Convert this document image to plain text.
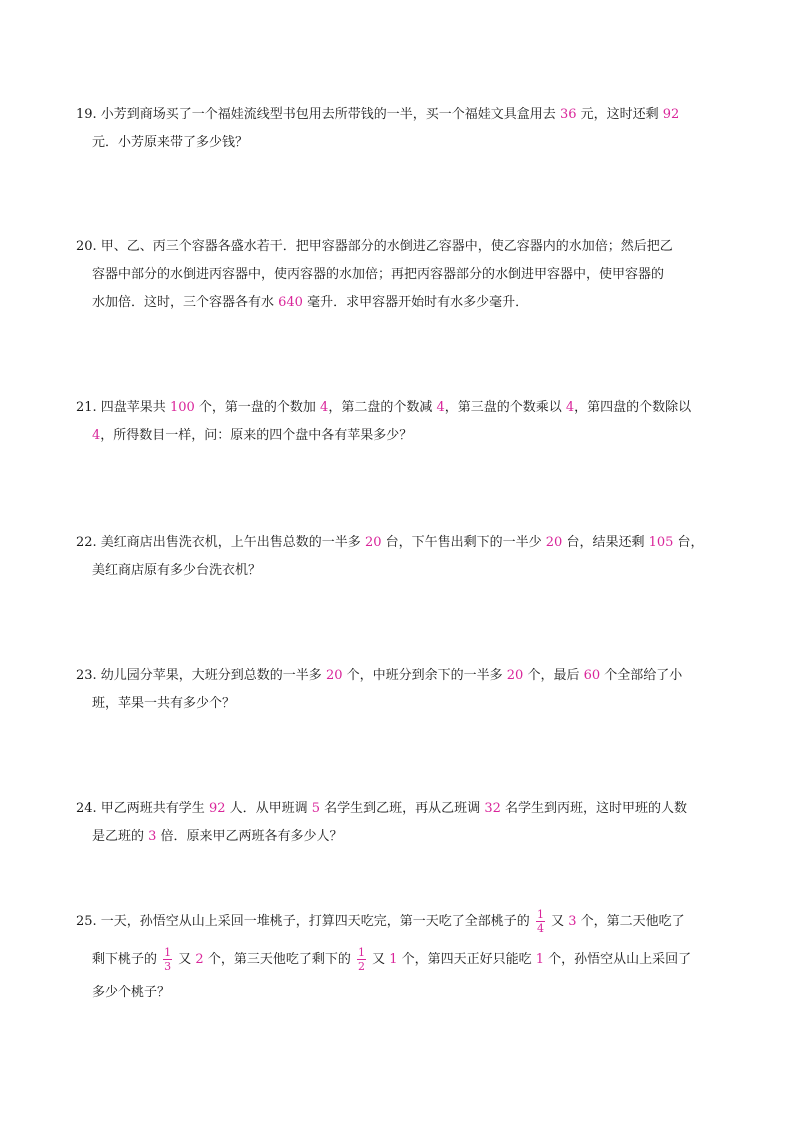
19. 小芳到商场买了一个福娃流线型书包用去所带钱的一半，买一个福娃文具盒用去 36 元，这时还剩 92
元．小芳原来带了多少钱？
20. 甲、乙、丙三个容器各盛水若干．把甲容器部分的水倒进乙容器中，使乙容器内的水加倍；然后把乙
容器中部分的水倒进丙容器中，使丙容器的水加倍；再把丙容器部分的水倒进甲容器中，使甲容器的
水加倍．这时，三个容器各有水 640 毫升．求甲容器开始时有水多少毫升．
21. 四盘苹果共 100 个，第一盘的个数加 4，第二盘的个数减 4，第三盘的个数乘以 4，第四盘的个数除以
4，所得数目一样，问：原来的四个盘中各有苹果多少？
22. 美红商店出售洗衣机，上午出售总数的一半多 20 台，下午售出剩下的一半少 20 台，结果还剩 105 台，
美红商店原有多少台洗衣机？
23. 幼儿园分苹果，大班分到总数的一半多 20 个，中班分到余下的一半多 20 个，最后 60 个全部给了小
班，苹果一共有多少个？
24. 甲乙两班共有学生 92 人．从甲班调 5 名学生到乙班，再从乙班调 32 名学生到丙班，这时甲班的人数
是乙班的 3 倍．原来甲乙两班各有多少人？
25. 一天，孙悟空从山上采回一堆桃子，打算四天吃完，第一天吃了全部桃子的 $\frac{1}{4}$ 又 3 个，第二天他吃了
剩下桃子的 $\frac{1}{3}$ 又 2 个，第三天他吃了剩下的 $\frac{1}{2}$ 又 1 个，第四天正好只能吃 1 个，孙悟空从山上采回了
多少个桃子？
